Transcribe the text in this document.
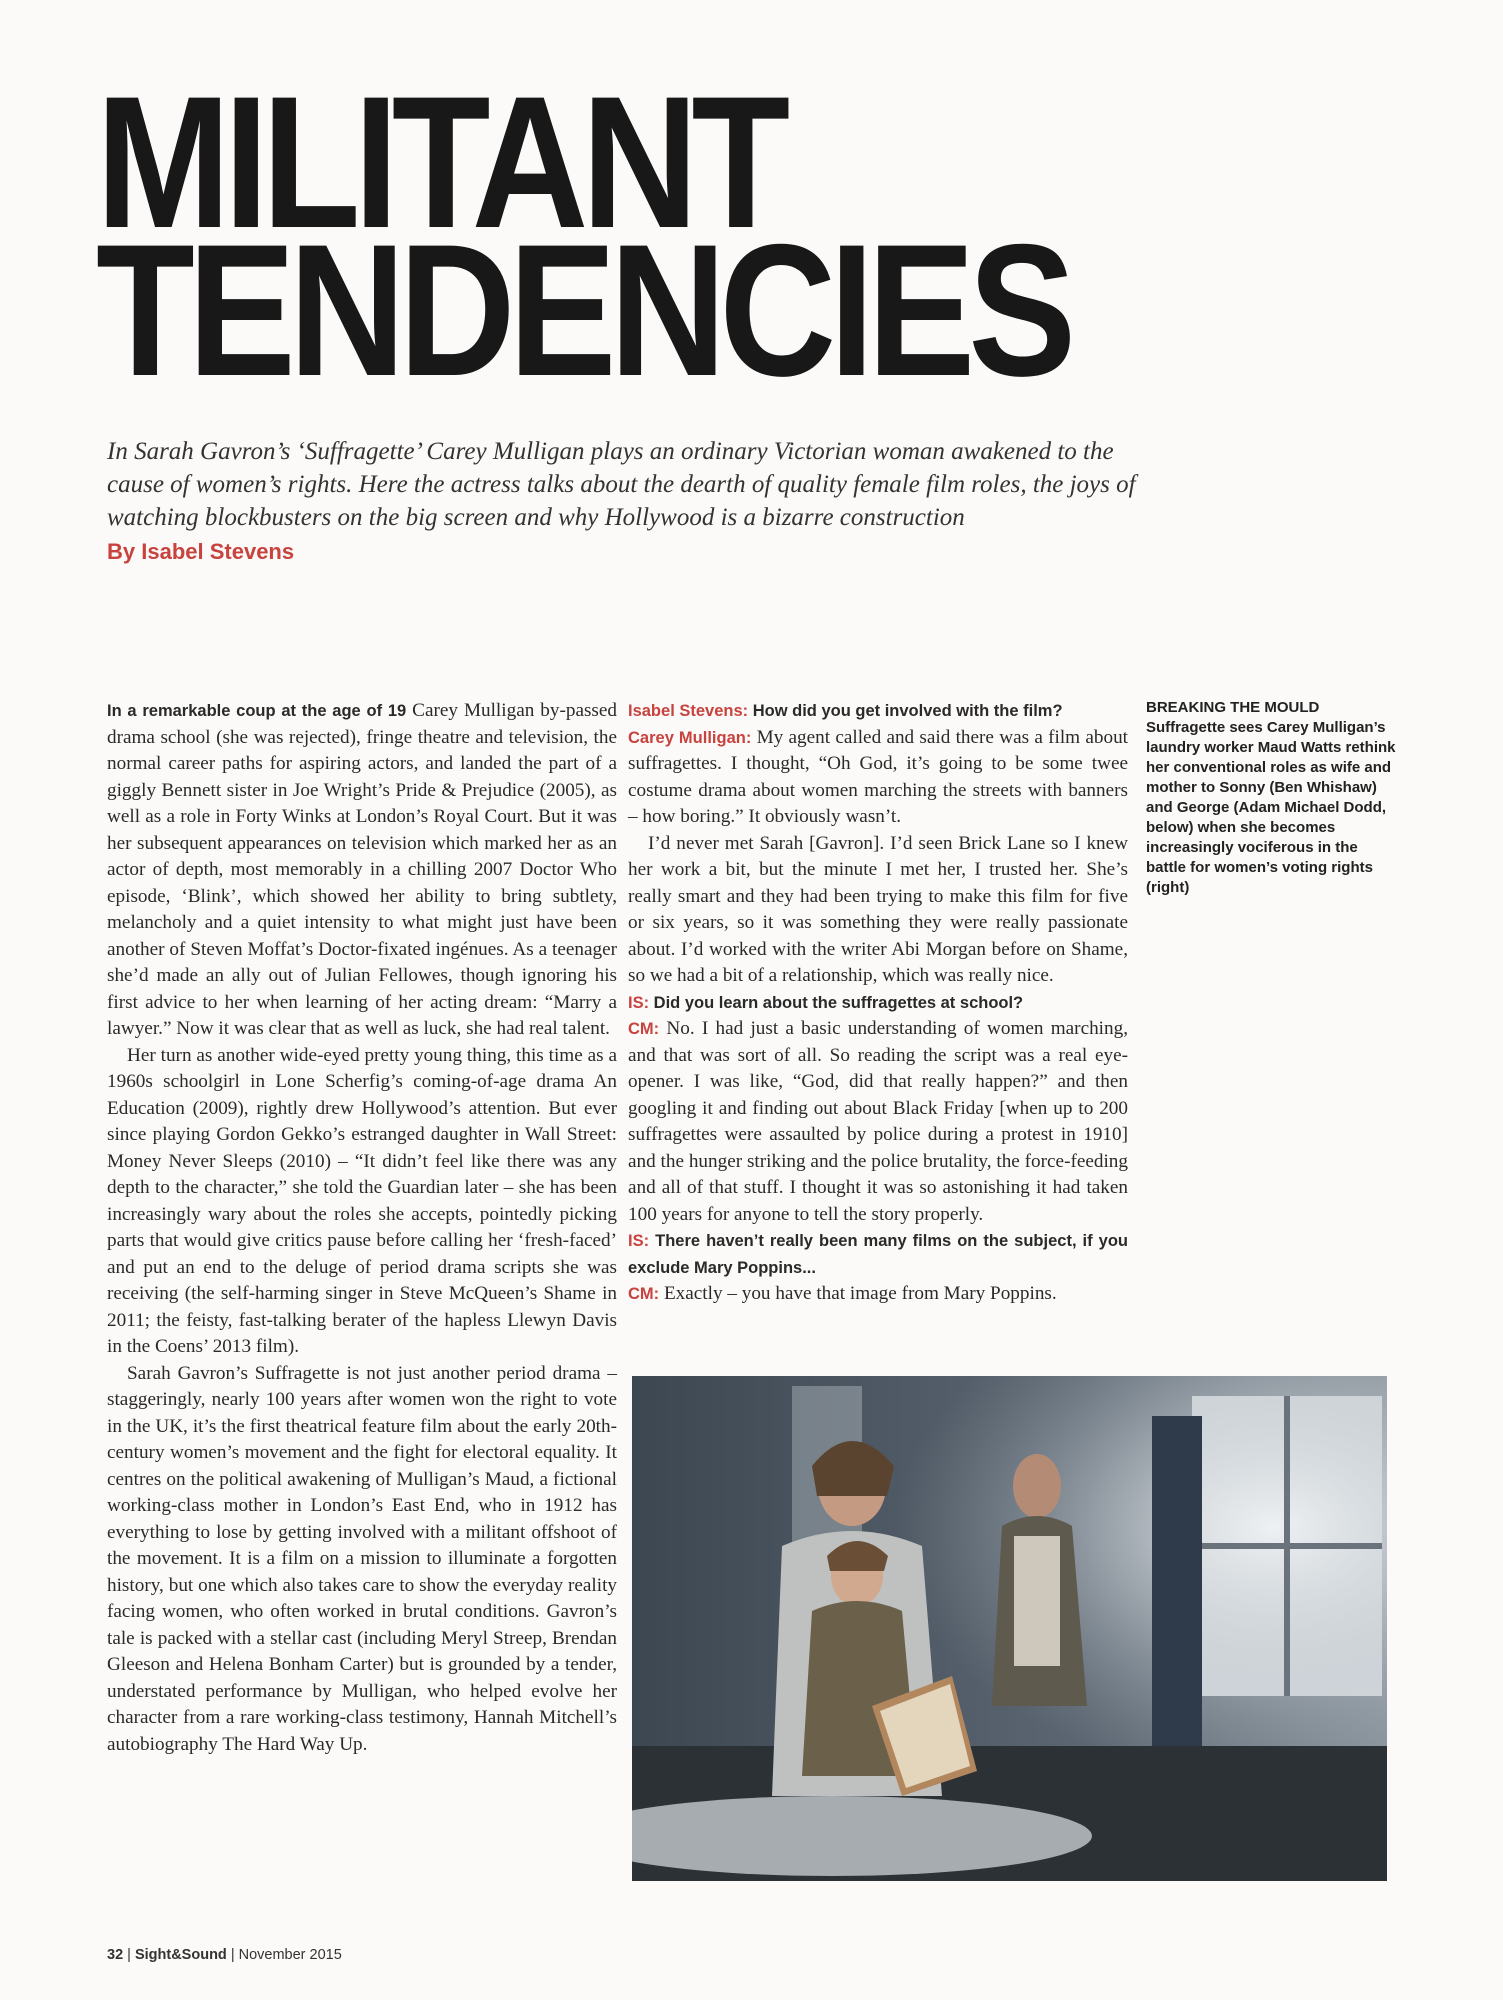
MILITANT
TENDENCIES
In Sarah Gavron’s ‘Suffragette’ Carey Mulligan plays an ordinary Victorian woman awakened to the cause of women’s rights. Here the actress talks about the dearth of quality female film roles, the joys of watching blockbusters on the big screen and why Hollywood is a bizarre construction
By Isabel Stevens

In a remarkable coup at the age of 19 Carey Mulligan by-passed drama school (she was rejected), fringe theatre and television, the normal career paths for aspiring actors, and landed the part of a giggly Bennett sister in Joe Wright’s Pride & Prejudice (2005), as well as a role in Forty Winks at London’s Royal Court. But it was her subsequent appearances on television which marked her as an actor of depth, most memorably in a chilling 2007 Doctor Who episode, ‘Blink’, which showed her ability to bring subtlety, melancholy and a quiet intensity to what might just have been another of Steven Moffat’s Doctor-fixated ingénues. As a teenager she’d made an ally out of Julian Fellowes, though ignoring his first advice to her when learning of her acting dream: “Marry a lawyer.” Now it was clear that as well as luck, she had real talent.

Her turn as another wide-eyed pretty young thing, this time as a 1960s schoolgirl in Lone Scherfig’s coming-of-age drama An Education (2009), rightly drew Hollywood’s attention. But ever since playing Gordon Gekko’s estranged daughter in Wall Street: Money Never Sleeps (2010) – “It didn’t feel like there was any depth to the character,” she told the Guardian later – she has been increasingly wary about the roles she accepts, pointedly picking parts that would give critics pause before calling her ‘fresh-faced’ and put an end to the deluge of period drama scripts she was receiving (the self-harming singer in Steve McQueen’s Shame in 2011; the feisty, fast-talking berater of the hapless Llewyn Davis in the Coens’ 2013 film).

Sarah Gavron’s Suffragette is not just another period drama – staggeringly, nearly 100 years after women won the right to vote in the UK, it’s the first theatrical feature film about the early 20th-century women’s movement and the fight for electoral equality. It centres on the political awakening of Mulligan’s Maud, a fictional working-class mother in London’s East End, who in 1912 has everything to lose by getting involved with a militant offshoot of the movement. It is a film on a mission to illuminate a forgotten history, but one which also takes care to show the everyday reality facing women, who often worked in brutal conditions. Gavron’s tale is packed with a stellar cast (including Meryl Streep, Brendan Gleeson and Helena Bonham Carter) but is grounded by a tender, understated performance by Mulligan, who helped evolve her character from a rare working-class testimony, Hannah Mitchell’s autobiography The Hard Way Up.

Isabel Stevens: How did you get involved with the film?

Carey Mulligan: My agent called and said there was a film about suffragettes. I thought, “Oh God, it’s going to be some twee costume drama about women marching the streets with banners – how boring.” It obviously wasn’t.

I’d never met Sarah [Gavron]. I’d seen Brick Lane so I knew her work a bit, but the minute I met her, I trusted her. She’s really smart and they had been trying to make this film for five or six years, so it was something they were really passionate about. I’d worked with the writer Abi Morgan before on Shame, so we had a bit of a relationship, which was really nice.

IS: Did you learn about the suffragettes at school?

CM: No. I had just a basic understanding of women marching, and that was sort of all. So reading the script was a real eye-opener. I was like, “God, did that really happen?” and then googling it and finding out about Black Friday [when up to 200 suffragettes were assaulted by police during a protest in 1910] and the hunger striking and the police brutality, the force-feeding and all of that stuff. I thought it was so astonishing it had taken 100 years for anyone to tell the story properly.

IS: There haven’t really been many films on the subject, if you exclude Mary Poppins...

CM: Exactly – you have that image from Mary Poppins.

BREAKING THE MOULD
Suffragette sees Carey Mulligan’s laundry worker Maud Watts rethink her conventional roles as wife and mother to Sonny (Ben Whishaw) and George (Adam Michael Dodd, below) when she becomes increasingly vociferous in the battle for women’s voting rights (right)
32 | Sight&Sound | November 2015
